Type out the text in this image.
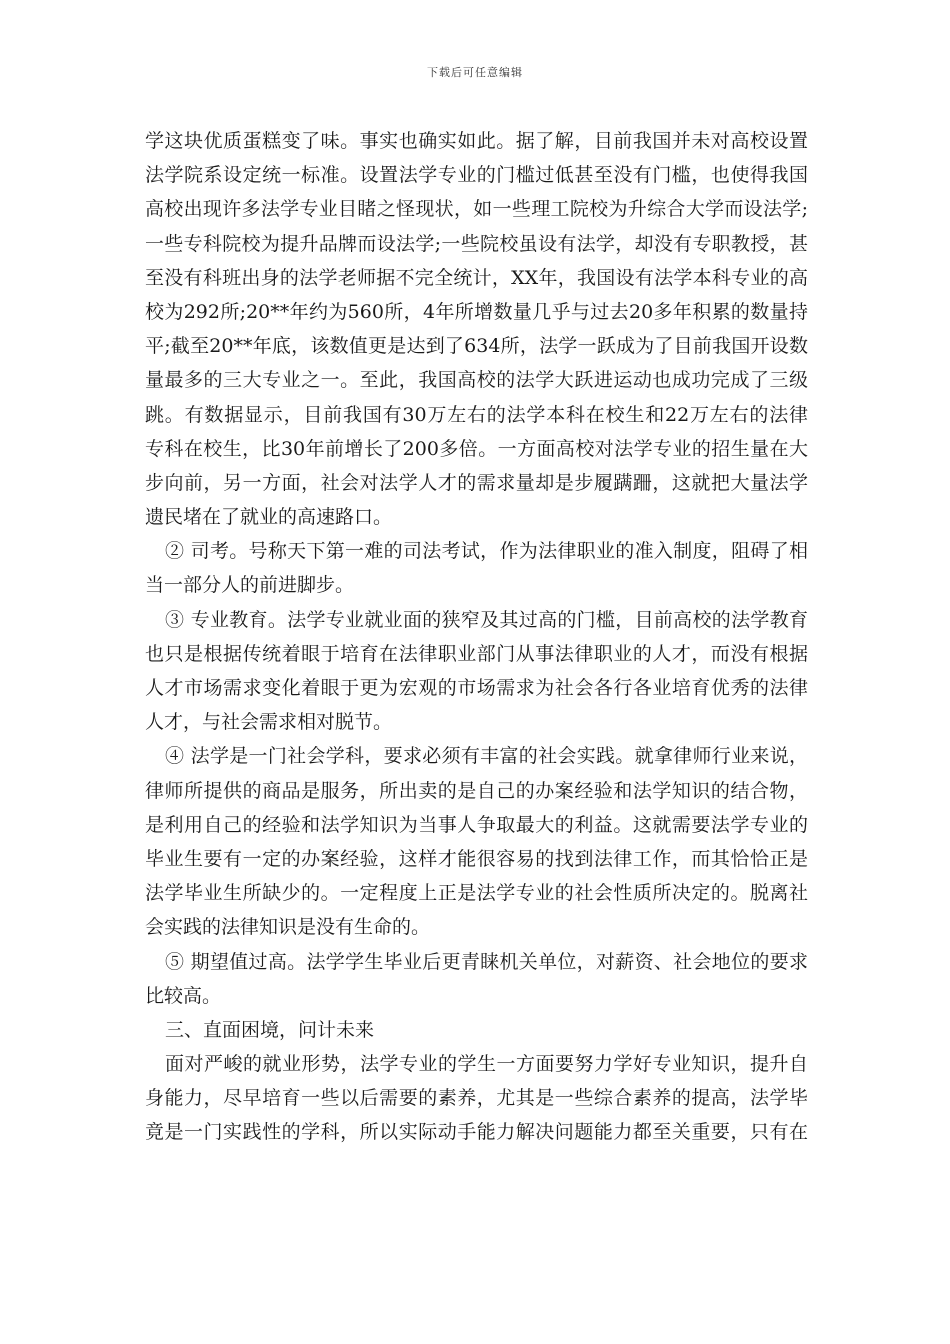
下载后可任意编辑
学这块优质蛋糕变了味。事实也确实如此。据了解，目前我国并未对高校设置
法学院系设定统一标准。设置法学专业的门槛过低甚至没有门槛，也使得我国
高校出现许多法学专业目睹之怪现状，如一些理工院校为升综合大学而设法学;
一些专科院校为提升品牌而设法学;一些院校虽设有法学，却没有专职教授，甚
至没有科班出身的法学老师据不完全统计，XX年，我国设有法学本科专业的高
校为292所;20**年约为560所，4年所增数量几乎与过去20多年积累的数量持
平;截至20**年底，该数值更是达到了634所，法学一跃成为了目前我国开设数
量最多的三大专业之一。至此，我国高校的法学大跃进运动也成功完成了三级
跳。有数据显示，目前我国有30万左右的法学本科在校生和22万左右的法律
专科在校生，比30年前增长了200多倍。一方面高校对法学专业的招生量在大
步向前，另一方面，社会对法学人才的需求量却是步履蹒跚，这就把大量法学
遗民堵在了就业的高速路口。
② 司考。号称天下第一难的司法考试，作为法律职业的准入制度，阻碍了相
当一部分人的前进脚步。
③ 专业教育。法学专业就业面的狭窄及其过高的门槛，目前高校的法学教育
也只是根据传统着眼于培育在法律职业部门从事法律职业的人才，而没有根据
人才市场需求变化着眼于更为宏观的市场需求为社会各行各业培育优秀的法律
人才，与社会需求相对脱节。
④ 法学是一门社会学科，要求必须有丰富的社会实践。就拿律师行业来说，
律师所提供的商品是服务，所出卖的是自己的办案经验和法学知识的结合物，
是利用自己的经验和法学知识为当事人争取最大的利益。这就需要法学专业的
毕业生要有一定的办案经验，这样才能很容易的找到法律工作，而其恰恰正是
法学毕业生所缺少的。一定程度上正是法学专业的社会性质所决定的。脱离社
会实践的法律知识是没有生命的。
⑤ 期望值过高。法学学生毕业后更青睐机关单位，对薪资、社会地位的要求
比较高。
三、直面困境，问计未来
面对严峻的就业形势，法学专业的学生一方面要努力学好专业知识，提升自
身能力，尽早培育一些以后需要的素养，尤其是一些综合素养的提高，法学毕
竟是一门实践性的学科，所以实际动手能力解决问题能力都至关重要，只有在
